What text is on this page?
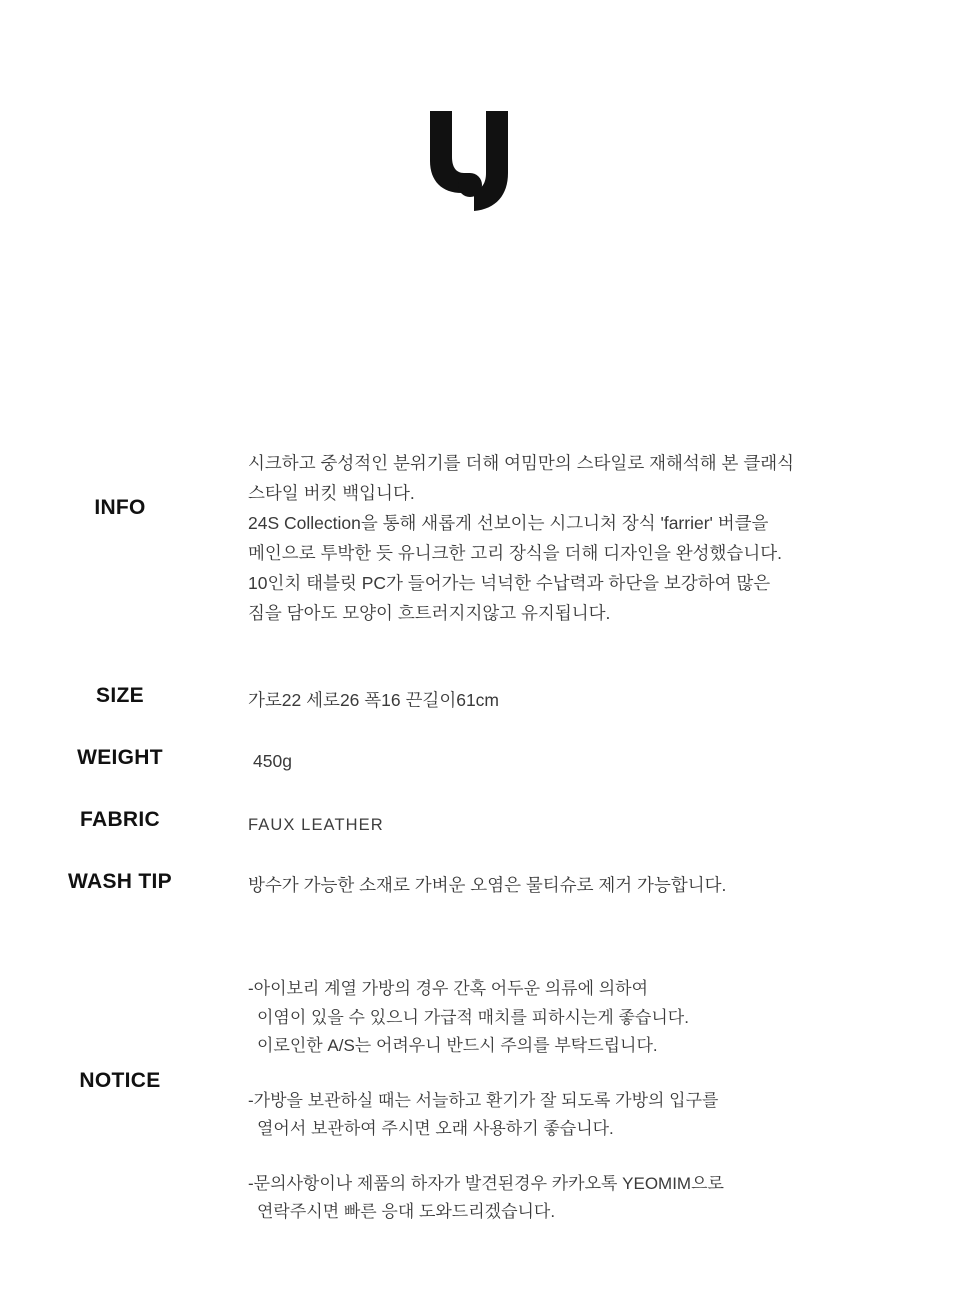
INFO

시크하고 중성적인 분위기를 더해 여밈만의 스타일로 재해석해 본 클래식

스타일 버킷 백입니다.

24S Collection을 통해 새롭게 선보이는 시그니처 장식 'farrier' 버클을

메인으로 투박한 듯 유니크한 고리 장식을 더해 디자인을 완성했습니다.

10인치 태블릿 PC가 들어가는 넉넉한 수납력과 하단을 보강하여 많은

짐을 담아도 모양이 흐트러지지않고 유지됩니다.

SIZE	가로22 세로26 폭16 끈길이61cm
WEIGHT	450g
FABRIC	FAUX LEATHER
WASH TIP	방수가 가능한 소재로 가벼운 오염은 물티슈로 제거 가능합니다.
NOTICE

-아이보리 계열 가방의 경우 간혹 어두운 의류에 의하여

이염이 있을 수 있으니 가급적 매치를 피하시는게 좋습니다.

이로인한 A/S는 어려우니 반드시 주의를 부탁드립니다.

-가방을 보관하실 때는 서늘하고 환기가 잘 되도록 가방의 입구를

열어서 보관하여 주시면 오래 사용하기 좋습니다.

-문의사항이나 제품의 하자가 발견된경우 카카오톡 YEOMIM으로

연락주시면 빠른 응대 도와드리겠습니다.
